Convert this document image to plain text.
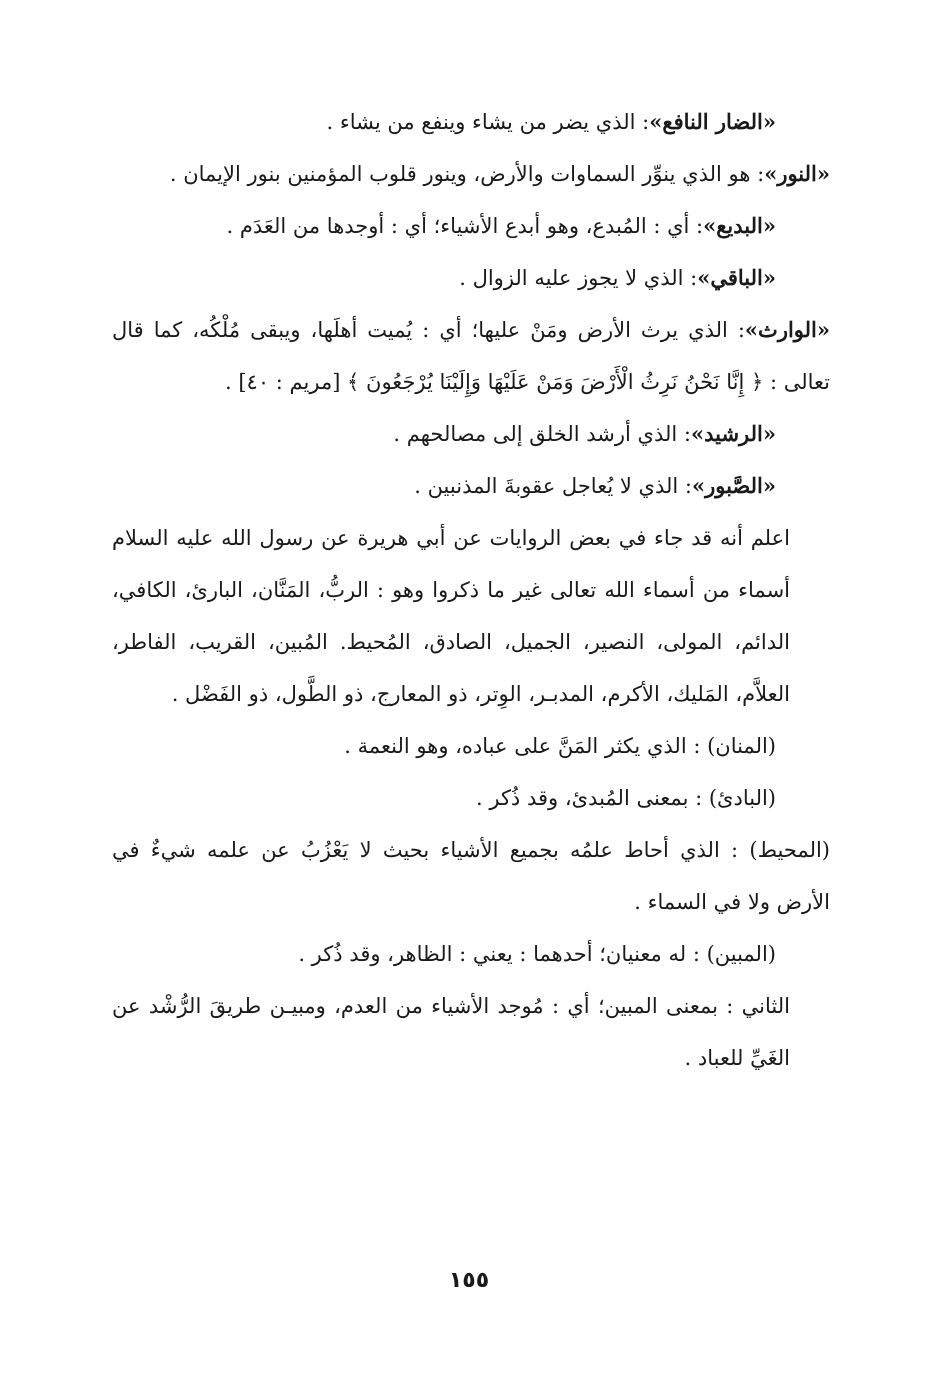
«الضار النافع»: الذي يضر من يشاء وينفع من يشاء .

«النور»: هو الذي ينوِّر السماوات والأرض، وينور قلوب المؤمنين بنور الإيمان .

«البديع»: أي : المُبدع، وهو أبدع الأشياء؛ أي : أوجدها من العَدَم .

«الباقي»: الذي لا يجوز عليه الزوال .

«الوارث»: الذي يرث الأرض ومَنْ عليها؛ أي : يُميت أهلَها، ويبقى مُلْكُه، كما قال تعالى : ﴿ إِنَّا نَحْنُ نَرِثُ الْأَرْضَ وَمَنْ عَلَيْهَا وَإِلَيْنَا يُرْجَعُونَ ﴾ [مريم : ٤٠] .

«الرشيد»: الذي أرشد الخلق إلى مصالحهم .

«الصَّبور»: الذي لا يُعاجل عقوبةَ المذنبين .

اعلم أنه قد جاء في بعض الروايات عن أبي هريرة عن رسول الله عليه السلام أسماء من أسماء الله تعالى غير ما ذكروا وهو : الربُّ، المَنَّان، البارئ، الكافي، الدائم، المولى، النصير، الجميل، الصادق، المُحيط. المُبين، القريب، الفاطر، العلاَّم، المَليك، الأكرم، المدبـر، الوِتر، ذو المعارج، ذو الطَّول، ذو الفَضْل .

(المنان) : الذي يكثر المَنَّ على عباده، وهو النعمة .

(البادئ) : بمعنى المُبدئ، وقد ذُكر .

(المحيط) : الذي أحاط علمُه بجميع الأشياء بحيث لا يَعْزُبُ عن علمه شيءٌ في الأرض ولا في السماء .

(المبين) : له معنيان؛ أحدهما : يعني : الظاهر، وقد ذُكر .

الثاني : بمعنى المبين؛ أي : مُوجد الأشياء من العدم، ومبيـن طريقَ الرُّشْد عن الغَيِّ للعباد .

١٥٥
